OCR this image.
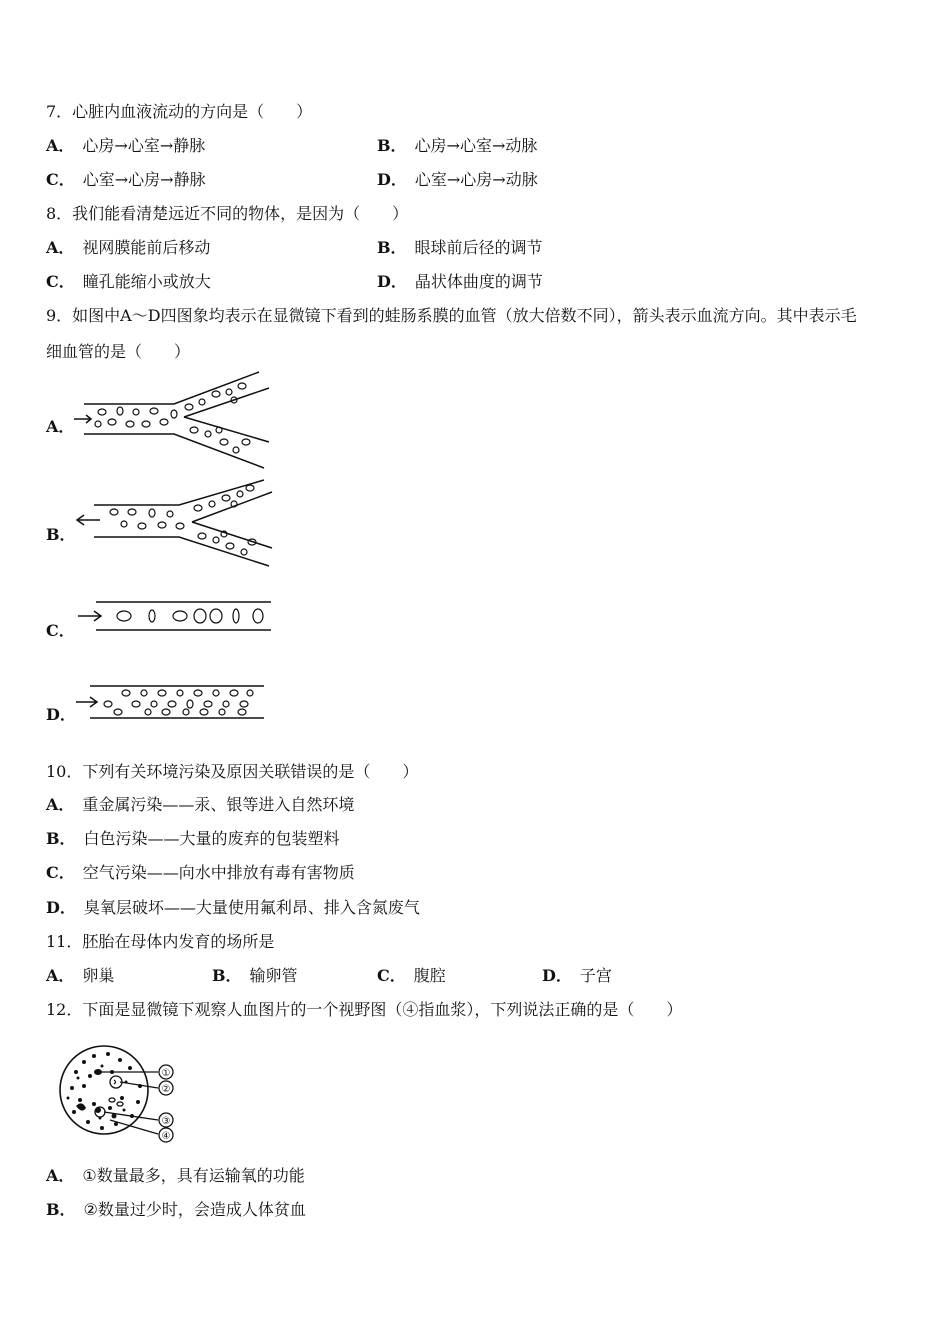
7．心脏内血液流动的方向是（　　）
A． 心房→心室→静脉	B． 心房→心室→动脉
C． 心室→心房→静脉	D． 心室→心房→动脉
8．我们能看清楚远近不同的物体，是因为（　　）
A． 视网膜能前后移动	B． 眼球前后径的调节
C． 瞳孔能缩小或放大	D． 晶状体曲度的调节
9．如图中A～D四图象均表示在显微镜下看到的蛙肠系膜的血管（放大倍数不同），箭头表示血流方向。其中表示毛
细血管的是（　　）
A．
B．
C．
D．
10．下列有关环境污染及原因关联错误的是（　　）
A． 重金属污染——汞、银等进入自然环境
B． 白色污染——大量的废弃的包装塑料
C． 空气污染——向水中排放有毒有害物质
D． 臭氧层破坏——大量使用氟利昂、排入含氮废气
11．胚胎在母体内发育的场所是
A． 卵巢	B． 输卵管	C． 腹腔	D． 子宫
12．下面是显微镜下观察人血图片的一个视野图（④指血浆），下列说法正确的是（　　）
①
②
③
④
A． ①数量最多，具有运输氧的功能
B． ②数量过少时，会造成人体贫血
